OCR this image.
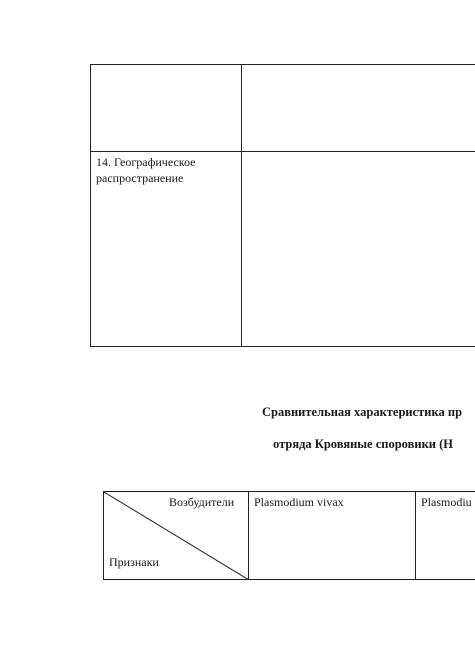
14. Географическое
распространение
Сравнительная характеристика пр
отряда Кровяные споровики (H
Возбудители
Признаки
Plasmodium vivax	Plasmodiu
